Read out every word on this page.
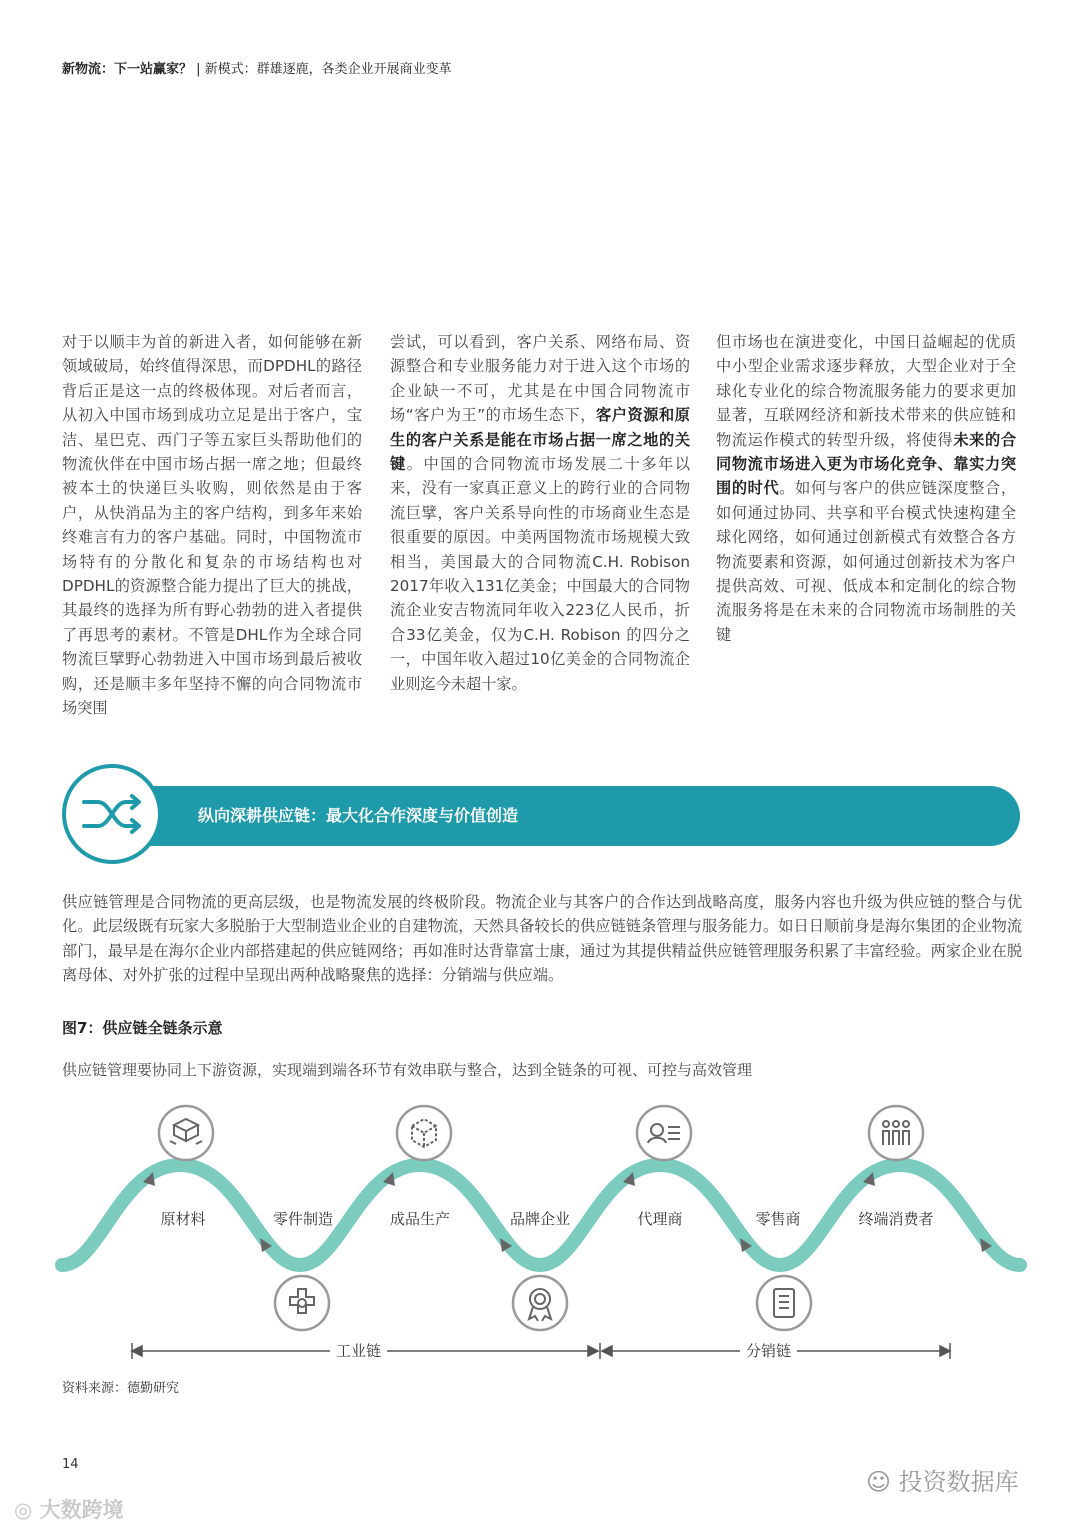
新物流：下一站赢家？ | 新模式：群雄逐鹿，各类企业开展商业变革
对于以顺丰为首的新进入者，如何能够在新领域破局，始终值得深思，而DPDHL的路径背后正是这一点的终极体现。对后者而言，从初入中国市场到成功立足是出于客户，宝洁、星巴克、西门子等五家巨头帮助他们的物流伙伴在中国市场占据一席之地；但最终被本土的快递巨头收购，则依然是由于客户，从快消品为主的客户结构，到多年来始终难言有力的客户基础。同时，中国物流市场特有的分散化和复杂的市场结构也对DPDHL的资源整合能力提出了巨大的挑战，其最终的选择为所有野心勃勃的进入者提供了再思考的素材。不管是DHL作为全球合同物流巨擘野心勃勃进入中国市场到最后被收购，还是顺丰多年坚持不懈的向合同物流市场突围
尝试，可以看到，客户关系、网络布局、资源整合和专业服务能力对于进入这个市场的企业缺一不可，尤其是在中国合同物流市场“客户为王”的市场生态下，客户资源和原生的客户关系是能在市场占据一席之地的关键。中国的合同物流市场发展二十多年以来，没有一家真正意义上的跨行业的合同物流巨擘，客户关系导向性的市场商业生态是很重要的原因。中美两国物流市场规模大致相当，美国最大的合同物流C.H. Robison 2017年收入131亿美金；中国最大的合同物流企业安吉物流同年收入223亿人民币，折合33亿美金，仅为C.H. Robison 的四分之一，中国年收入超过10亿美金的合同物流企业则迄今未超十家。
但市场也在演进变化，中国日益崛起的优质中小型企业需求逐步释放，大型企业对于全球化专业化的综合物流服务能力的要求更加显著，互联网经济和新技术带来的供应链和物流运作模式的转型升级，将使得未来的合同物流市场进入更为市场化竞争、靠实力突围的时代。如何与客户的供应链深度整合，如何通过协同、共享和平台模式快速构建全球化网络，如何通过创新模式有效整合各方物流要素和资源，如何通过创新技术为客户提供高效、可视、低成本和定制化的综合物流服务将是在未来的合同物流市场制胜的关键
纵向深耕供应链：最大化合作深度与价值创造
供应链管理是合同物流的更高层级，也是物流发展的终极阶段。物流企业与其客户的合作达到战略高度，服务内容也升级为供应链的整合与优化。此层级既有玩家大多脱胎于大型制造业企业的自建物流，天然具备较长的供应链链条管理与服务能力。如日日顺前身是海尔集团的企业物流部门，最早是在海尔企业内部搭建起的供应链网络；再如准时达背靠富士康，通过为其提供精益供应链管理服务积累了丰富经验。两家企业在脱离母体、对外扩张的过程中呈现出两种战略聚焦的选择：分销端与供应端。
图7：供应链全链条示意
供应链管理要协同上下游资源，实现端到端各环节有效串联与整合，达到全链条的可视、可控与高效管理
原材料	零件制造	成品生产	品牌企业	代理商	零售商	终端消费者
工业链	分销链
资料来源：德勤研究
14
☺ 投资数据库
◎ 大数跨境
